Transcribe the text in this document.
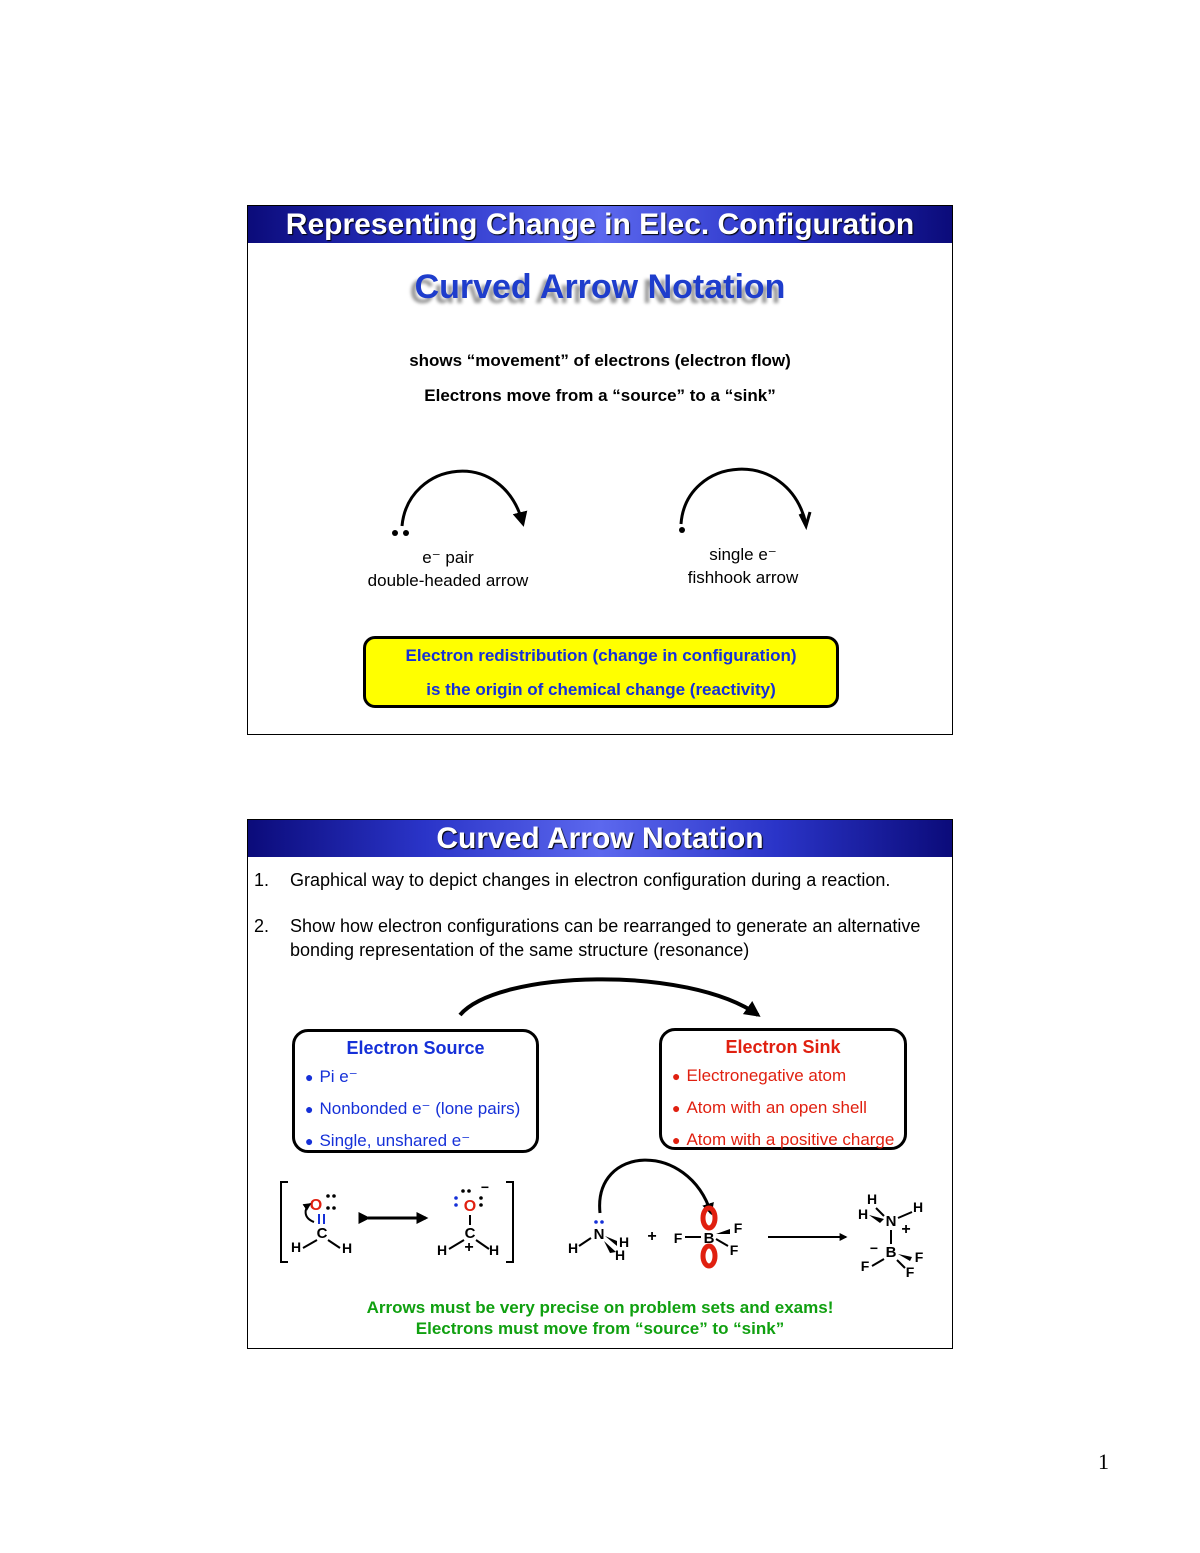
Representing Change in Elec. Configuration
Curved Arrow Notation
shows “movement” of electrons (electron flow)
Electrons move from a “source” to a “sink”
e⁻ pair
double-headed arrow
single e⁻
fishhook arrow
Electron redistribution (change in configuration)
is the origin of chemical change (reactivity)
Curved Arrow Notation
1. Graphical way to depict changes in electron configuration during a reaction.
2. Show how electron configurations can be rearranged to generate an alternative bonding representation of the same structure (resonance)
Electron Source
● Pi e⁻
● Nonbonded e⁻ (lone pairs)
● Single, unshared e⁻
Electron Sink
● Electronegative atom
● Atom with an open shell
● Atom with a positive charge
O
C
H	H
O
−
C
+
H	H
N
H	H
H
+	B
F
F
F
H
H	H
N +
− B
F
F
F
Arrows must be very precise on problem sets and exams!
Electrons must move from “source” to “sink”
1
